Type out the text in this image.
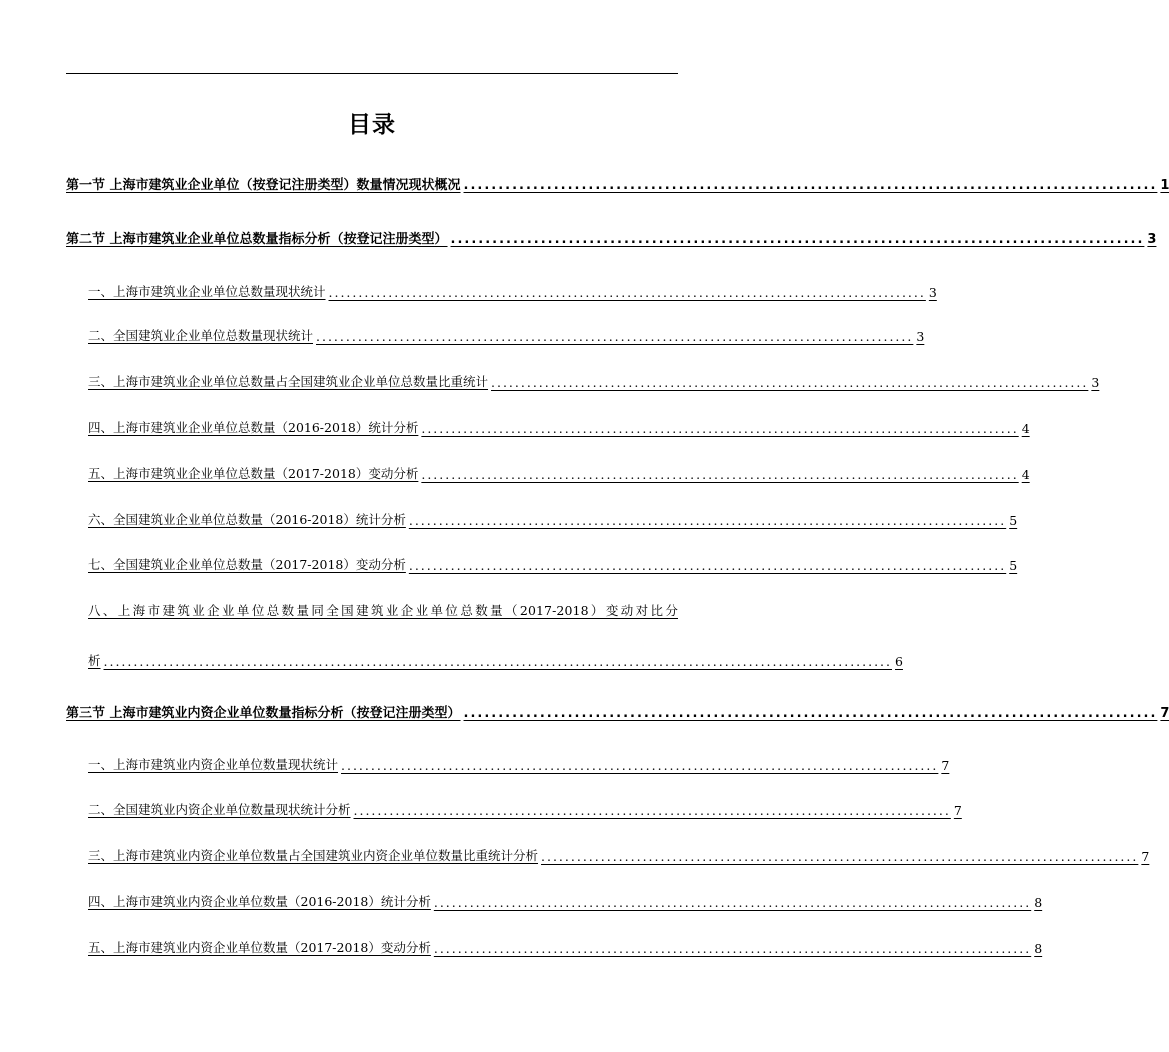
目录
第一节 上海市建筑业企业单位（按登记注册类型）数量情况现状概况 .................................................................................................... 1
第二节 上海市建筑业企业单位总数量指标分析（按登记注册类型） .................................................................................................... 3
一、上海市建筑业企业单位总数量现状统计 .................................................................................................... 3
二、全国建筑业企业单位总数量现状统计 .................................................................................................... 3
三、上海市建筑业企业单位总数量占全国建筑业企业单位总数量比重统计 .................................................................................................... 3
四、上海市建筑业企业单位总数量（2016-2018）统计分析 .................................................................................................... 4
五、上海市建筑业企业单位总数量（2017-2018）变动分析 .................................................................................................... 4
六、全国建筑业企业单位总数量（2016-2018）统计分析 .................................................................................................... 5
七、全国建筑业企业单位总数量（2017-2018）变动分析 .................................................................................................... 5
八、上海市建筑业企业单位总数量同全国建筑业企业单位总数量（2017-2018）变动对比分
析 .................................................................................................................................... 6
第三节 上海市建筑业内资企业单位数量指标分析（按登记注册类型） .................................................................................................... 7
一、上海市建筑业内资企业单位数量现状统计 .................................................................................................... 7
二、全国建筑业内资企业单位数量现状统计分析 .................................................................................................... 7
三、上海市建筑业内资企业单位数量占全国建筑业内资企业单位数量比重统计分析 .................................................................................................... 7
四、上海市建筑业内资企业单位数量（2016-2018）统计分析 .................................................................................................... 8
五、上海市建筑业内资企业单位数量（2017-2018）变动分析 .................................................................................................... 8
